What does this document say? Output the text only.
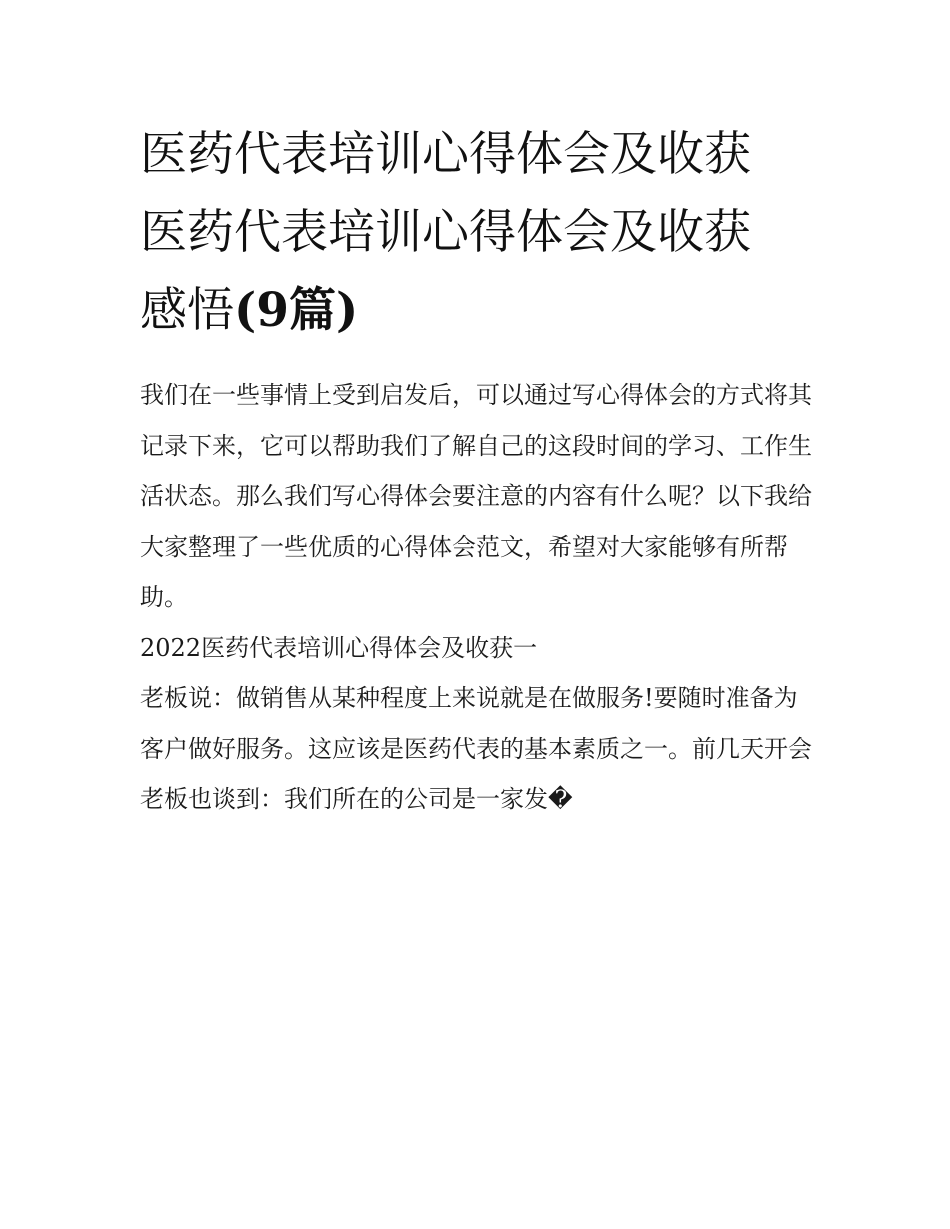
医药代表培训心得体会及收获
医药代表培训心得体会及收获
感悟(9篇)

我们在一些事情上受到启发后，可以通过写心得体会的方式将其记录下来，它可以帮助我们了解自己的这段时间的学习、工作生活状态。那么我们写心得体会要注意的内容有什么呢？以下我给大家整理了一些优质的心得体会范文，希望对大家能够有所帮助。

2022医药代表培训心得体会及收获一

老板说：做销售从某种程度上来说就是在做服务!要随时准备为客户做好服务。这应该是医药代表的基本素质之一。前几天开会老板也谈到：我们所在的公司是一家发�
